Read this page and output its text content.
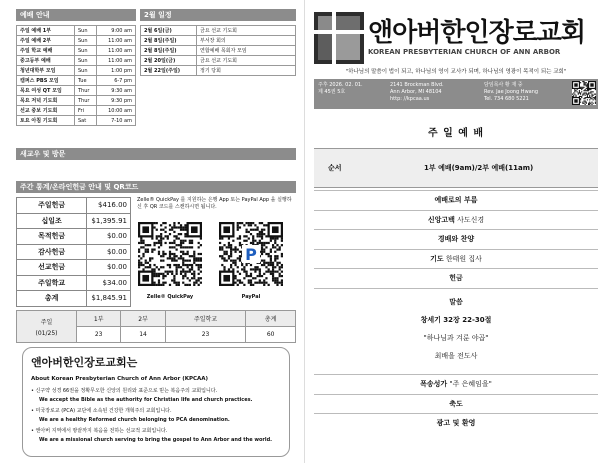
예배 안내
주일 예배 1부	Sun	9:00 am
주일 예배 2부	Sun	11:00 am
주일 학교 예배	Sun	11:00 am
중고등부 예배	Sun	11:00 am
청년대학부 모임	Sun	1:00 pm
캠퍼스 PBS 모임	Tue	6-7 pm
목요 여성 QT 모임	Thur	9:30 am
목요 저녁 기도회	Thur	9:30 pm
선교 중보 기도회	Fri	10:00 am
토요 아침 기도회	Sat	7-10 am
2월 일정
2월 6일(금)	금요 선교 기도회
2월 8일(주일)	부서장 회의
2월 8일(주일)	연합예배 목회자 모임
2월 20일(금)	금요 선교 기도회
2월 22일(주일)	정기 당회
새교우 및 방문
주간 통계/온라인헌금 안내 및 QR코드
주일헌금	$416.00
십일조	$1,395.91
목적헌금	$0.00
감사헌금	$0.00
선교헌금	$0.00
주일학교	$34.00
총계	$1,845.91
Zelle® QuickPay 를 지원하는 은행 App 또는 PayPal App 을 실행하신 후 QR 코드를 스캔하시면 됩니다.
P
Zelle® QuickPay	PayPal
주일
(01/25)	1부	2부	주일학교	총계
	23	14	23	60
앤아버한인장로교회는
About Korean Presbyterian Church of Ann Arbor (KPCAA)
• 신구약 성경 66권을 정확무오한 신앙의 원리와 표준으로 믿는 복음주의 교회입니다.
We accept the Bible as the authority for Christian life and church practices.
• 미국장로교 (PCA) 교단에 소속된 건강한 개혁주의 교회입니다.
We are a healthy Reformed church belonging to PCA denomination.
• 앤아버 지역에서 땅끝까지 복음을 전하는 선교적 교회입니다.
We are a missional church serving to bring the gospel to Ann Arbor and the world.
앤아버한인장로교회
KOREAN PRESBYTERIAN CHURCH OF ANN ARBOR
"하나님의 말씀이 법이 되고, 하나님의 영이 교사가 되며, 하나님의 영광이 목적이 되는 교회"
주후 2026. 02. 01.
제 45권 5호
2141 Brockman Blvd.
Ann Arbor, MI 48104
http: //kpcaa.us
담임목사 황 재 중
Rev. Jae Joong Hwang
Tel. 734 680 5221
주 일 예 배
순서	1부 예배(9am)/2부 예배(11am)
예배로의 부름
신앙고백 사도신경
경배와 찬양
기도 한태원 집사
헌금
말씀
창세기 32장 22-30절
"하나님과 겨룬 야곱"
최배을 전도사
폭송성가 "주 은혜임을"
축도
광고 및 환영
